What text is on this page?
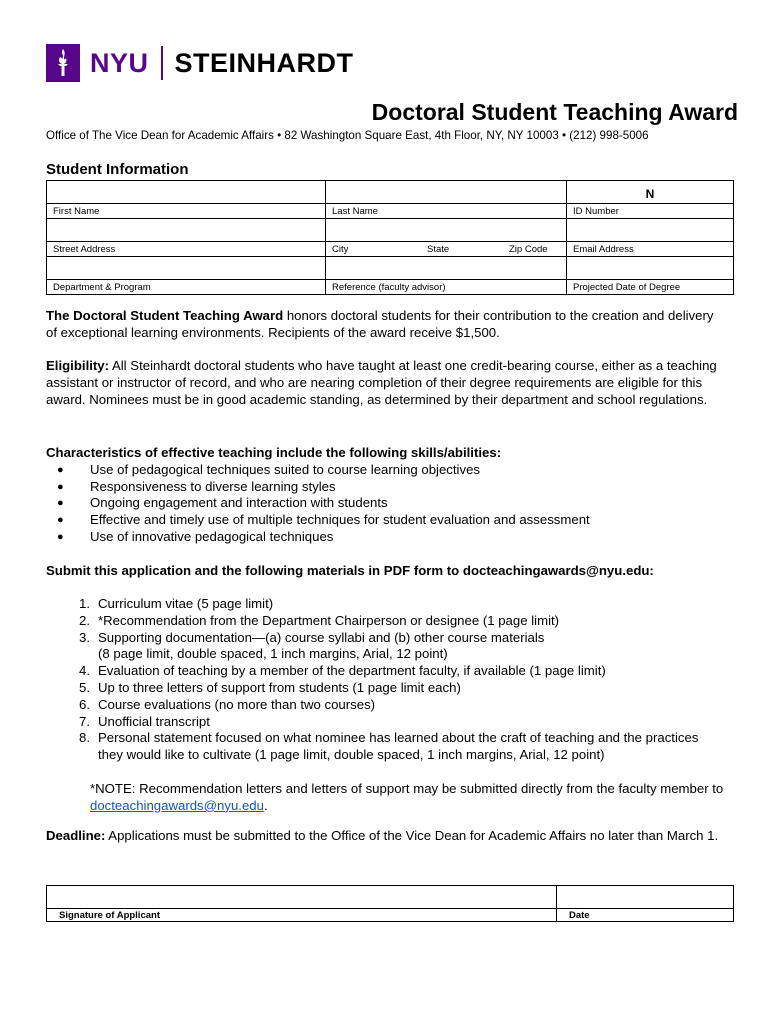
NYU STEINHARDT
Doctoral Student Teaching Award
Office of The Vice Dean for Academic Affairs • 82 Washington Square East, 4th Floor, NY, NY 10003 • (212) 998-5006
Student Information

		N

First Name	Last Name	ID Number

Street Address	City State Zip Code	Email Address

Department & Program	Reference (faculty advisor)	Projected Date of Degree
The Doctoral Student Teaching Award honors doctoral students for their contribution to the creation and delivery of exceptional learning environments. Recipients of the award receive $1,500.
Eligibility: All Steinhardt doctoral students who have taught at least one credit-bearing course, either as a teaching assistant or instructor of record, and who are nearing completion of their degree requirements are eligible for this award. Nominees must be in good academic standing, as determined by their department and school regulations.
Characteristics of effective teaching include the following skills/abilities:
● Use of pedagogical techniques suited to course learning objectives
● Responsiveness to diverse learning styles
● Ongoing engagement and interaction with students
● Effective and timely use of multiple techniques for student evaluation and assessment
● Use of innovative pedagogical techniques
Submit this application and the following materials in PDF form to docteachingawards@nyu.edu:
1. Curriculum vitae (5 page limit)
2. *Recommendation from the Department Chairperson or designee (1 page limit)
3. Supporting documentation—(a) course syllabi and (b) other course materials
(8 page limit, double spaced, 1 inch margins, Arial, 12 point)
4. Evaluation of teaching by a member of the department faculty, if available (1 page limit)
5. Up to three letters of support from students (1 page limit each)
6. Course evaluations (no more than two courses)
7. Unofficial transcript
8. Personal statement focused on what nominee has learned about the craft of teaching and the practices they would like to cultivate (1 page limit, double spaced, 1 inch margins, Arial, 12 point)
*NOTE: Recommendation letters and letters of support may be submitted directly from the faculty member to docteachingawards@nyu.edu.
Deadline: Applications must be submitted to the Office of the Vice Dean for Academic Affairs no later than March 1.

Signature of Applicant	Date
